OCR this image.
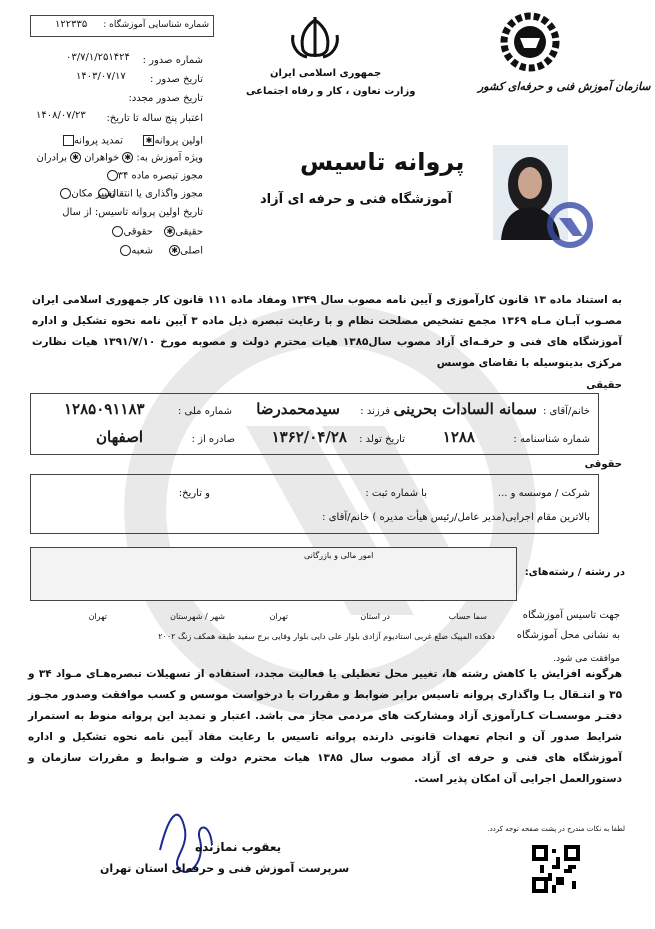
شماره شناسایی آموزشگاه :
۱۲۲۳۳۵
شماره صدور :
۰۳/۷/۱/۲۵۱۴۲۴
تاریخ صدور :
۱۴۰۳/۰۷/۱۷
تاریخ صدور مجدد:
اعتبار پنج ساله تا تاریخ:
۱۴۰۸/۰۷/۲۳
اولین پروانه✱
تمدید پروانه
ویژه آموزش به: ✱خواهران ✱برادران
مجوز تبصره ماده ۳۴
مجوز واگذاری یا انتقال
تغییر مکان
تاریخ اولین پروانه تاسیس: از سال
حقیقی✱
حقوقی
اصلی✱
شعبه
جمهوری اسلامی ایران
وزارت تعاون ، کار و رفاه اجتماعی	سازمان آموزش فنی و حرفه‌ای کشور
پروانه تاسیس
آموزشگاه فنی و حرفه ای آزاد
به استناد ماده ۱۳ قانون کارآموزی و آیین نامه مصوب سال ۱۳۴۹ ومفاد ماده ۱۱۱ قانون کار جمهوری اسلامی ایران مصـوب آبـان مـاه ۱۳۶۹ مجمع تشخیص مصلحت نظام و با رعایت تبصره ذیل ماده ۳ آیین نامه نحوه تشکیل و اداره آموزشگاه های فنی و حرفـه‌ای آزاد مصوب سال۱۳۸۵ هیات محترم دولت و مصوبه مورخ ۱۳۹۱/۷/۱۰ هیات نظارت مرکزی بدینوسیله با تقاضای موسس
حقیقی
خانم/آقای :
سمانه السادات
بحرینی
فرزند :
سیدمحمدرضا
شماره ملی :
۱۲۸۵۰۹۱۱۸۳
شماره شناسنامه :
۱۲۸۸
تاریخ تولد :
۱۳۶۲/۰۴/۲۸
صادره از :
اصفهان
حقوقی
شرکت / موسسه و ...
با شماره ثبت :
و تاریخ:
بالاترین مقام اجرایی(مدیر عامل/رئیس هیأت مدیره ) خانم/آقای :
امور مالی و بازرگانی
در رشته / رشته‌های:
جهت تاسیس آموزشگاه
سما حساب
در استان
تهران
شهر / شهرستان
تهران
به نشانی محل آموزشگاه
دهکده المپیک ضلع غربی استادیوم آزادی بلوار علی دایی بلوار وفایی برج سفید طبقه همکف زنگ ۲۰۰۲
موافقت می شود.
هرگونه افزایش یا کاهش رشته ها، تغییر محل تعطیلی یا فعالیت مجدد، استفاده از تسهیلات تبصره‌هـای مـواد ۳۴ و ۳۵ و انتـقال یـا واگذاری پروانه تاسیس برابر ضوابط و مقررات با درخواست موسس و کسب موافقت وصدور مجـوز دفتـر موسسـات کـارآموزی آزاد ومشارکت های مردمی مجاز می باشد. اعتبار و تمدید این پروانه منوط به استمرار شرایط صدور آن و انجام تعهدات قانونی دارنده پروانه تاسیس با رعایت مفاد آیین نامه نحوه تشکیل و اداره آموزشگاه های فنی و حرفه ای آزاد مصوب سال ۱۳۸۵ هیات محترم دولت و ضـوابط و مقررات سازمان و دستورالعمل اجرایی آن امکان پذیر است.
یعقوب نمازنده
سرپرست آموزش فنی و حرفه‌ای استان تهران
لطفا به نکات مندرج در پشت صفحه توجه کردد.
